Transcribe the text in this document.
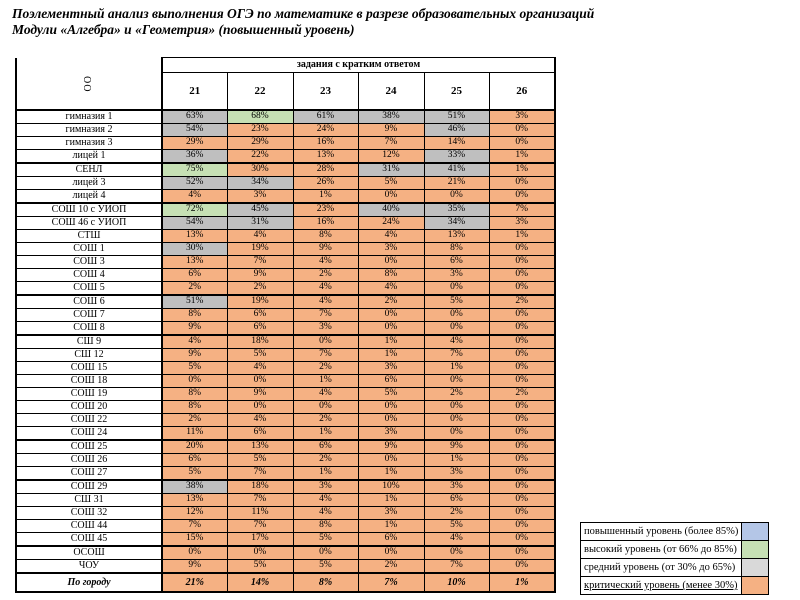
Поэлементный анализ выполнения ОГЭ по математике в разрезе образовательных организаций
Модули «Алгебра» и «Геометрия» (повышенный уровень)
ОО	задания с кратким ответом					
	21	22	23	24	25	26
гимназия 1	63%	68%	61%	38%	51%	3%
гимназия 2	54%	23%	24%	9%	46%	0%
гимназия 3	29%	29%	16%	7%	14%	0%
лицей 1	36%	22%	13%	12%	33%	1%
СЕНЛ	75%	30%	28%	31%	41%	1%
лицей 3	52%	34%	26%	5%	21%	0%
лицей 4	4%	3%	1%	0%	0%	0%
СОШ 10 с УИОП	72%	45%	23%	40%	35%	7%
СОШ 46 с УИОП	54%	31%	16%	24%	34%	3%
СТШ	13%	4%	8%	4%	13%	1%
СОШ 1	30%	19%	9%	3%	8%	0%
СОШ 3	13%	7%	4%	0%	6%	0%
СОШ 4	6%	9%	2%	8%	3%	0%
СОШ 5	2%	2%	4%	4%	0%	0%
СОШ 6	51%	19%	4%	2%	5%	2%
СОШ 7	8%	6%	7%	0%	0%	0%
СОШ 8	9%	6%	3%	0%	0%	0%
СШ 9	4%	18%	0%	1%	4%	0%
СШ 12	9%	5%	7%	1%	7%	0%
СОШ 15	5%	4%	2%	3%	1%	0%
СОШ 18	0%	0%	1%	6%	0%	0%
СОШ 19	8%	9%	4%	5%	2%	2%
СОШ 20	8%	0%	0%	0%	0%	0%
СОШ 22	2%	4%	2%	0%	0%	0%
СОШ 24	11%	6%	1%	3%	0%	0%
СОШ 25	20%	13%	6%	9%	9%	0%
СОШ 26	6%	5%	2%	0%	1%	0%
СОШ 27	5%	7%	1%	1%	3%	0%
СОШ 29	38%	18%	3%	10%	3%	0%
СШ 31	13%	7%	4%	1%	6%	0%
СОШ 32	12%	11%	4%	3%	2%	0%
СОШ 44	7%	7%	8%	1%	5%	0%
СОШ 45	15%	17%	5%	6%	4%	0%
ОСОШ	0%	0%	0%	0%	0%	0%
ЧОУ	9%	5%	5%	2%	7%	0%
По городу	21%	14%	8%	7%	10%	1%
повышенный уровень (более 85%)	
высокий уровень (от 66% до 85%)	
средний уровень (от 30% до 65%)	
критический уровень (менее 30%)	
